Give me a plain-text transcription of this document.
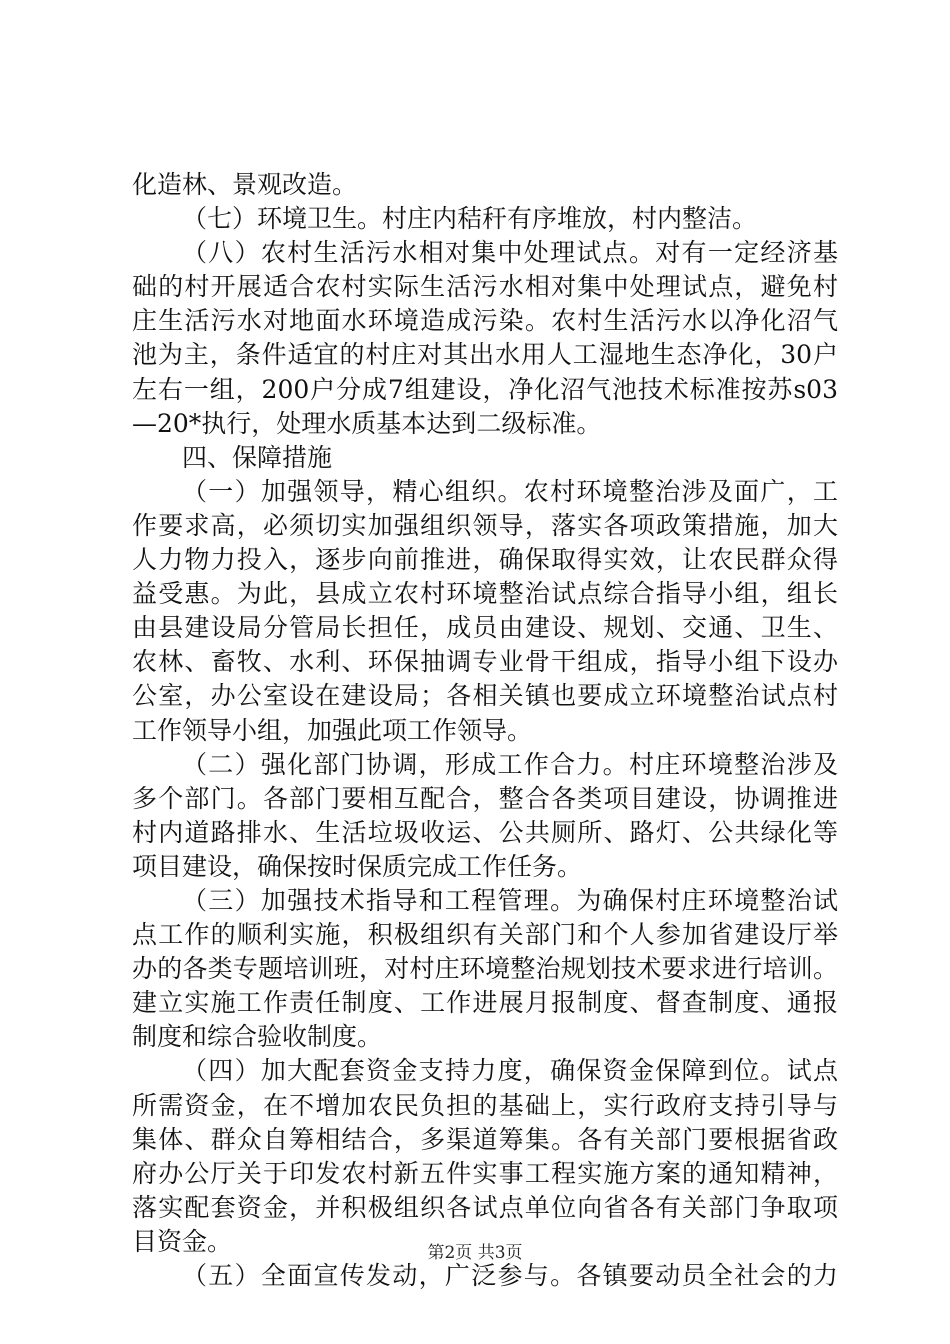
化造林、景观改造。
（七）环境卫生。村庄内秸秆有序堆放，村内整洁。
（八）农村生活污水相对集中处理试点。对有一定经济基
础的村开展适合农村实际生活污水相对集中处理试点，避免村
庄生活污水对地面水环境造成污染。农村生活污水以净化沼气
池为主，条件适宜的村庄对其出水用人工湿地生态净化，30户
左右一组，200户分成7组建设，净化沼气池技术标准按苏s03
—20*执行，处理水质基本达到二级标准。
四、保障措施
（一）加强领导，精心组织。农村环境整治涉及面广，工
作要求高，必须切实加强组织领导，落实各项政策措施，加大
人力物力投入，逐步向前推进，确保取得实效，让农民群众得
益受惠。为此，县成立农村环境整治试点综合指导小组，组长
由县建设局分管局长担任，成员由建设、规划、交通、卫生、
农林、畜牧、水利、环保抽调专业骨干组成，指导小组下设办
公室，办公室设在建设局；各相关镇也要成立环境整治试点村
工作领导小组，加强此项工作领导。
（二）强化部门协调，形成工作合力。村庄环境整治涉及
多个部门。各部门要相互配合，整合各类项目建设，协调推进
村内道路排水、生活垃圾收运、公共厕所、路灯、公共绿化等
项目建设，确保按时保质完成工作任务。
（三）加强技术指导和工程管理。为确保村庄环境整治试
点工作的顺利实施，积极组织有关部门和个人参加省建设厅举
办的各类专题培训班，对村庄环境整治规划技术要求进行培训。
建立实施工作责任制度、工作进展月报制度、督查制度、通报
制度和综合验收制度。
（四）加大配套资金支持力度，确保资金保障到位。试点
所需资金，在不增加农民负担的基础上，实行政府支持引导与
集体、群众自筹相结合，多渠道筹集。各有关部门要根据省政
府办公厅关于印发农村新五件实事工程实施方案的通知精神，
落实配套资金，并积极组织各试点单位向省各有关部门争取项
目资金。
（五）全面宣传发动，广泛参与。各镇要动员全社会的力
第2页 共3页
